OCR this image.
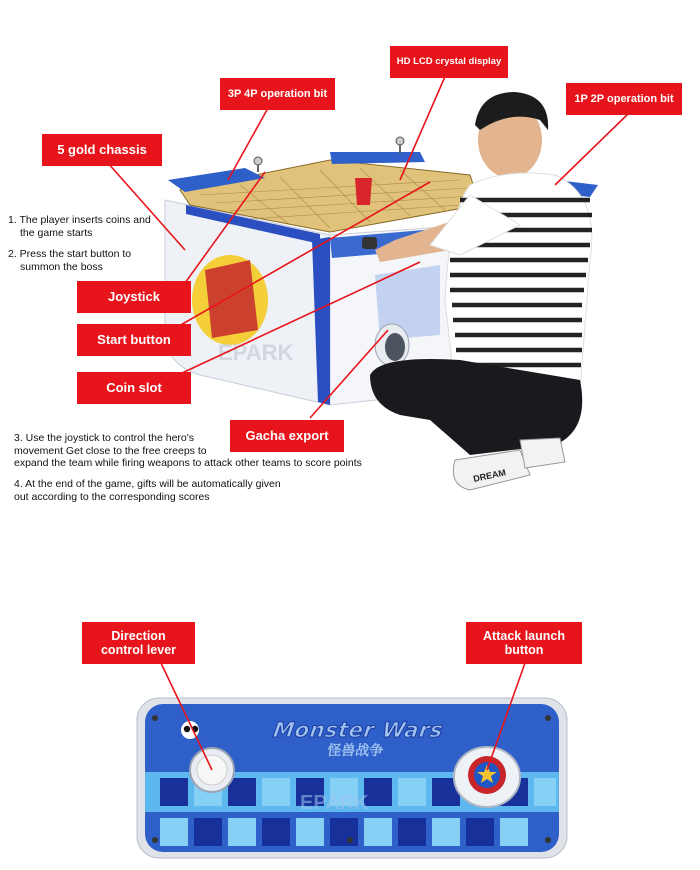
EPARK
DREAM
Monster Wars
怪兽战争
EPARK
HD LCD crystal display
3P 4P operation bit	1P 2P operation bit
5 gold chassis
Joystick
Start button
Coin slot
Gacha export
Direction
control lever
Attack launch
button
1. The player inserts coins and
the game starts
2. Press the start button to
summon the boss
3. Use the joystick to control the hero's
movement Get close to the free creeps to
expand the team while firing weapons to attack other teams to score points
4. At the end of the game, gifts will be automatically given
out according to the corresponding scores
